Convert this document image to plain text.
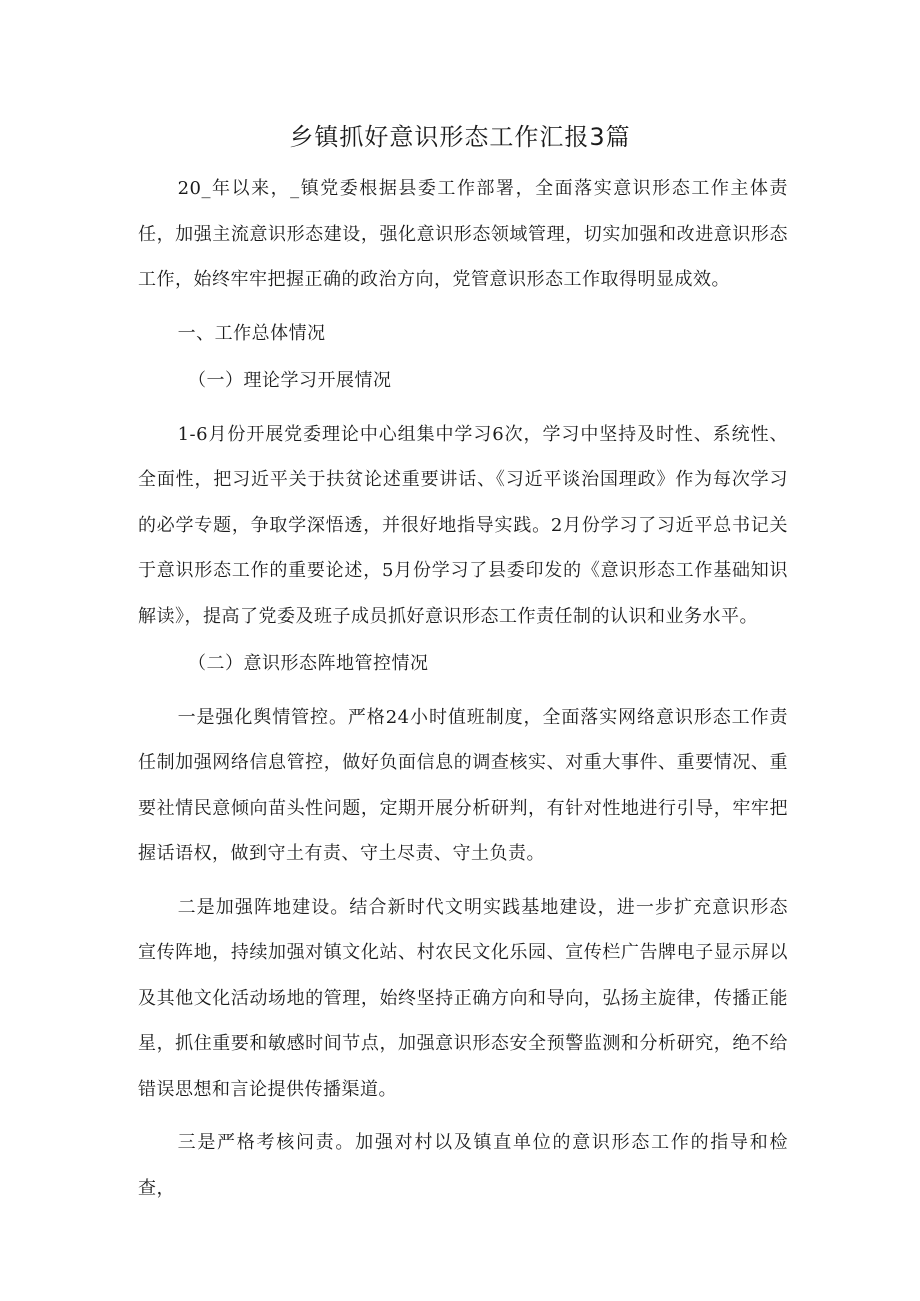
乡镇抓好意识形态工作汇报3篇

20_年以来，_镇党委根据县委工作部署，全面落实意识形态工作主体责任，加强主流意识形态建设，强化意识形态领域管理，切实加强和改进意识形态工作，始终牢牢把握正确的政治方向，党管意识形态工作取得明显成效。

一、工作总体情况

（一）理论学习开展情况

1-6月份开展党委理论中心组集中学习6次，学习中坚持及时性、系统性、全面性，把习近平关于扶贫论述重要讲话、《习近平谈治国理政》作为每次学习的必学专题，争取学深悟透，并很好地指导实践。2月份学习了习近平总书记关于意识形态工作的重要论述，5月份学习了县委印发的《意识形态工作基础知识解读》，提高了党委及班子成员抓好意识形态工作责任制的认识和业务水平。

（二）意识形态阵地管控情况

一是强化舆情管控。严格24小时值班制度，全面落实网络意识形态工作责任制加强网络信息管控，做好负面信息的调查核实、对重大事件、重要情况、重要社情民意倾向苗头性问题，定期开展分析研判，有针对性地进行引导，牢牢把握话语权，做到守土有责、守土尽责、守土负责。

二是加强阵地建设。结合新时代文明实践基地建设，进一步扩充意识形态宣传阵地，持续加强对镇文化站、村农民文化乐园、宣传栏广告牌电子显示屏以及其他文化活动场地的管理，始终坚持正确方向和导向，弘扬主旋律，传播正能星，抓住重要和敏感时间节点，加强意识形态安全预警监测和分析研究，绝不给错误思想和言论提供传播渠道。

三是严格考核问责。加强对村以及镇直单位的意识形态工作的指导和检查，
